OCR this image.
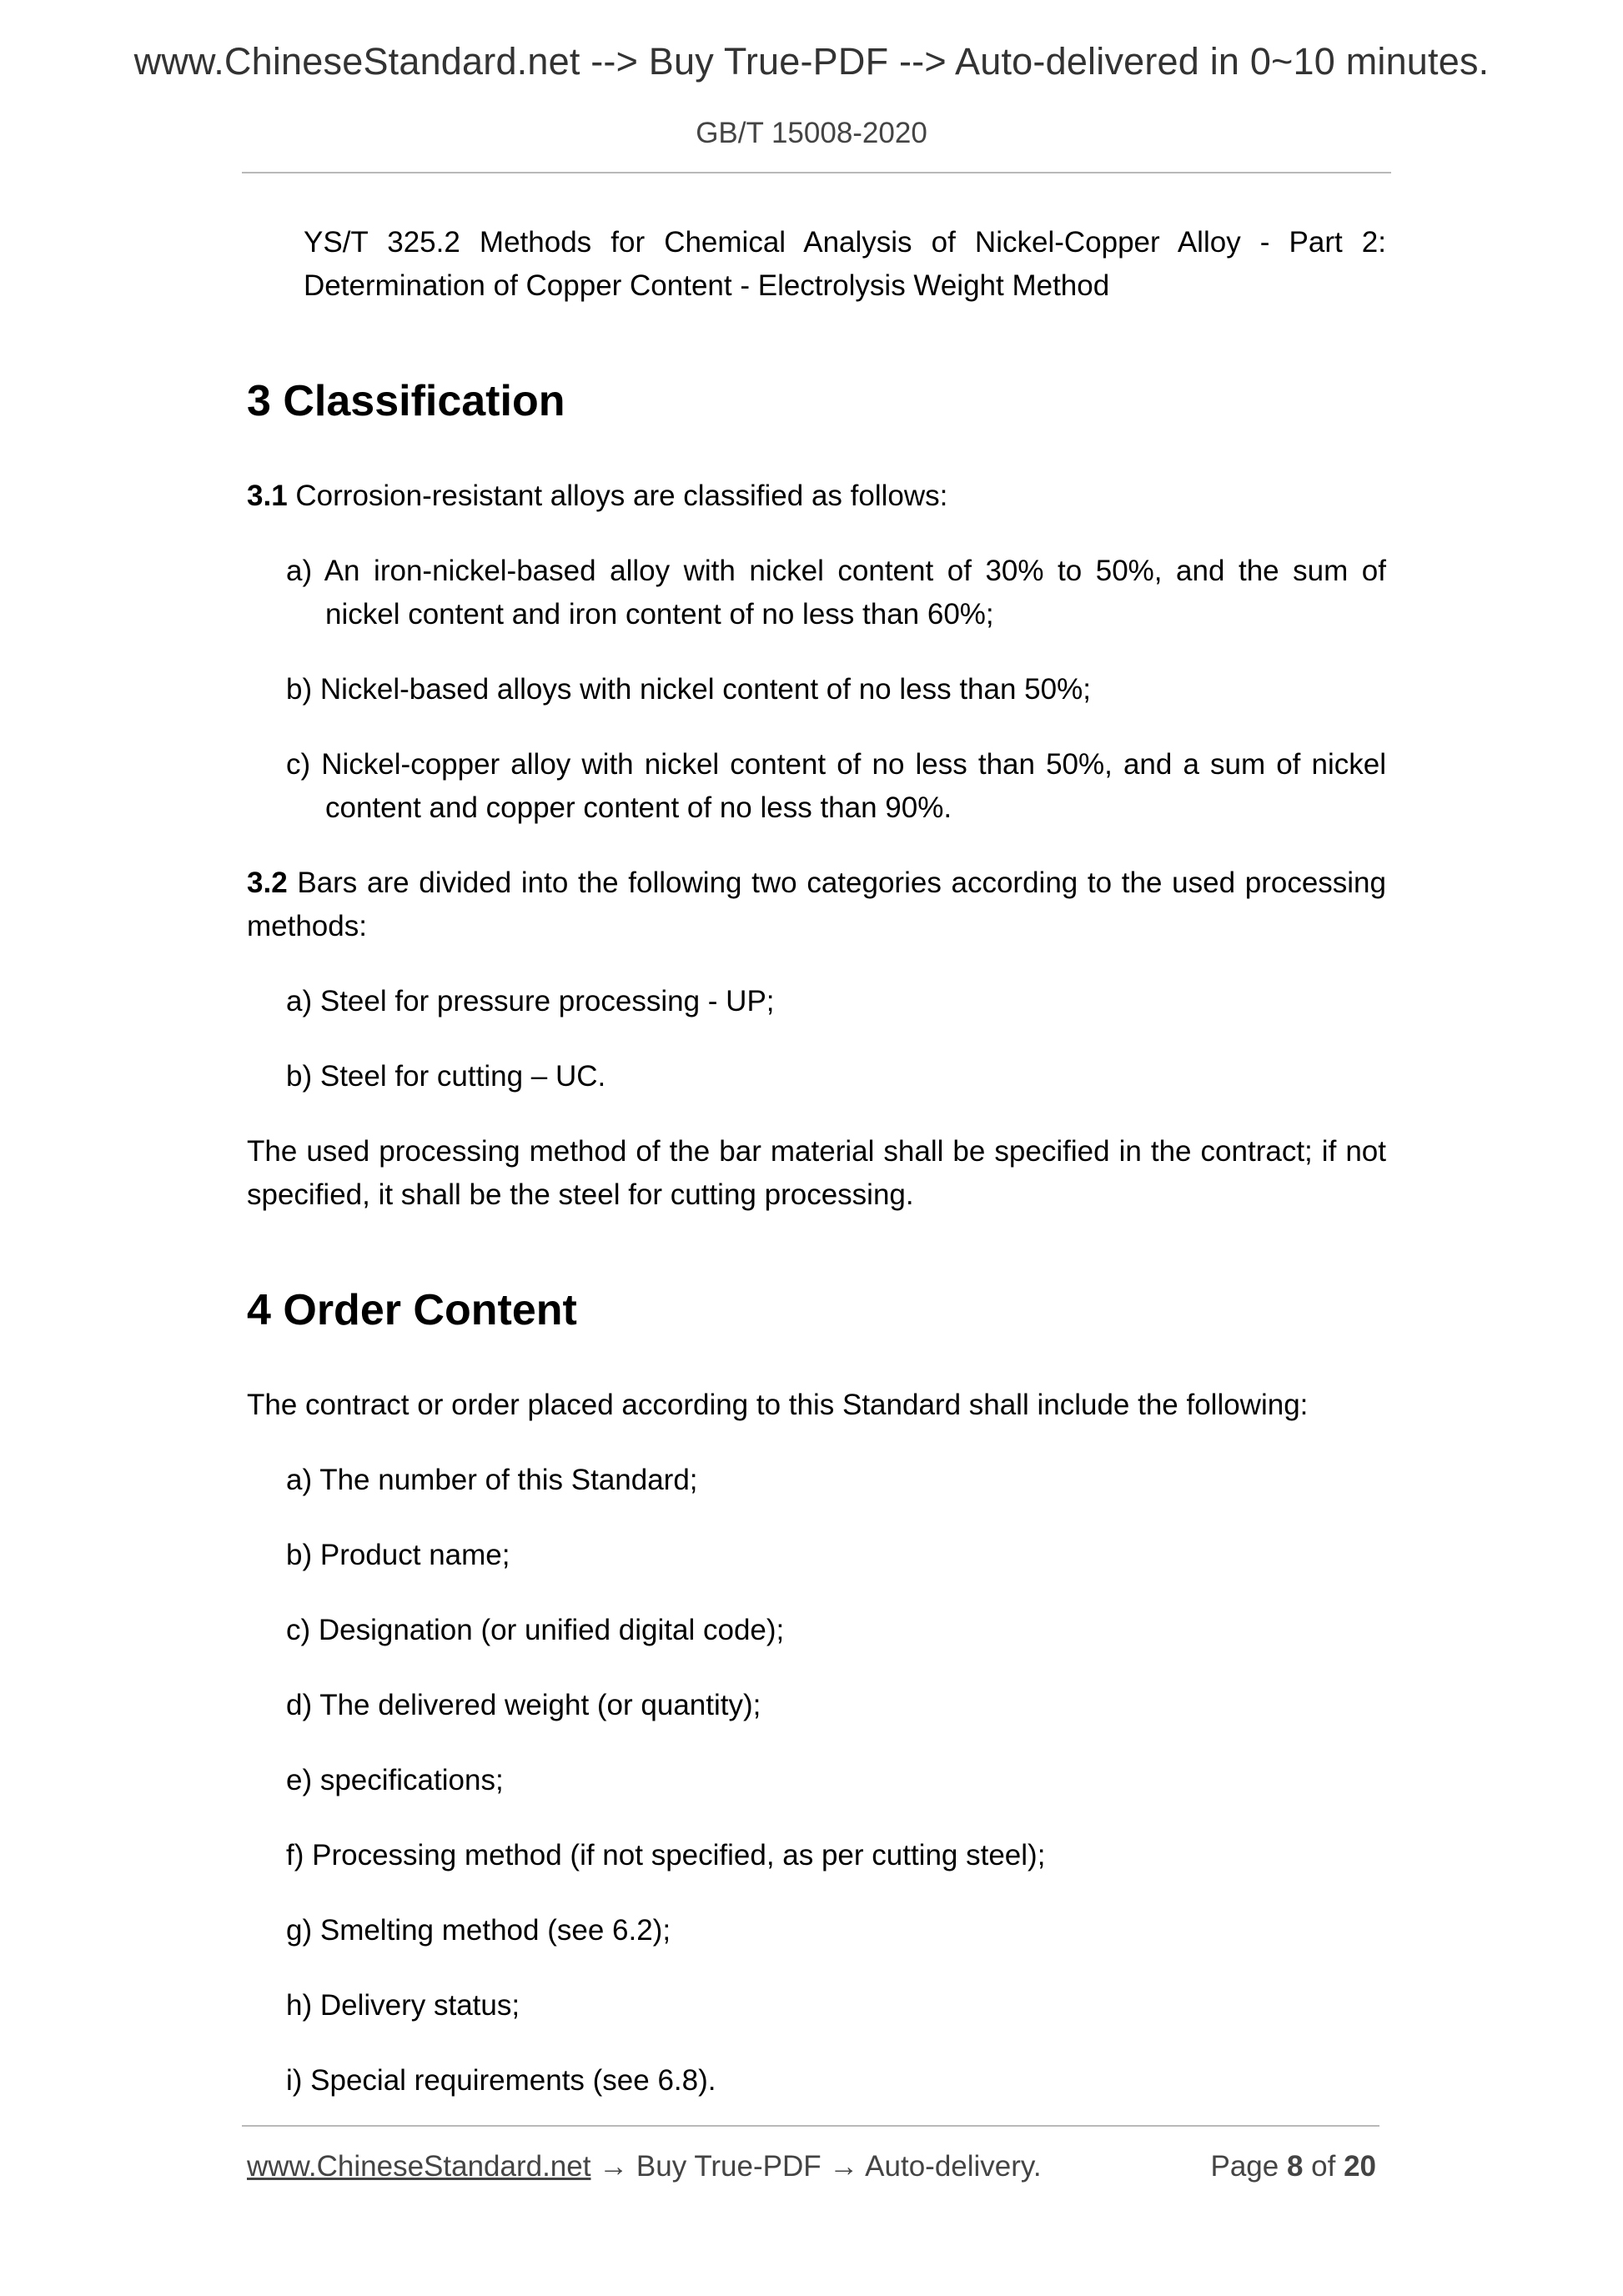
www.ChineseStandard.net --> Buy True-PDF --> Auto-delivered in 0~10 minutes.
GB/T 15008-2020

YS/T 325.2 Methods for Chemical Analysis of Nickel-Copper Alloy - Part 2: Determination of Copper Content - Electrolysis Weight Method

3 Classification

3.1 Corrosion-resistant alloys are classified as follows:

a) An iron-nickel-based alloy with nickel content of 30% to 50%, and the sum of nickel content and iron content of no less than 60%;

b) Nickel-based alloys with nickel content of no less than 50%;

c) Nickel-copper alloy with nickel content of no less than 50%, and a sum of nickel content and copper content of no less than 90%.

3.2 Bars are divided into the following two categories according to the used processing methods:

a) Steel for pressure processing - UP;

b) Steel for cutting – UC.

The used processing method of the bar material shall be specified in the contract; if not specified, it shall be the steel for cutting processing.

4 Order Content

The contract or order placed according to this Standard shall include the following:

a) The number of this Standard;

b) Product name;

c) Designation (or unified digital code);

d) The delivered weight (or quantity);

e) specifications;

f) Processing method (if not specified, as per cutting steel);

g) Smelting method (see 6.2);

h) Delivery status;

i) Special requirements (see 6.8).

www.ChineseStandard.net → Buy True-PDF → Auto-delivery.	Page 8 of 20
